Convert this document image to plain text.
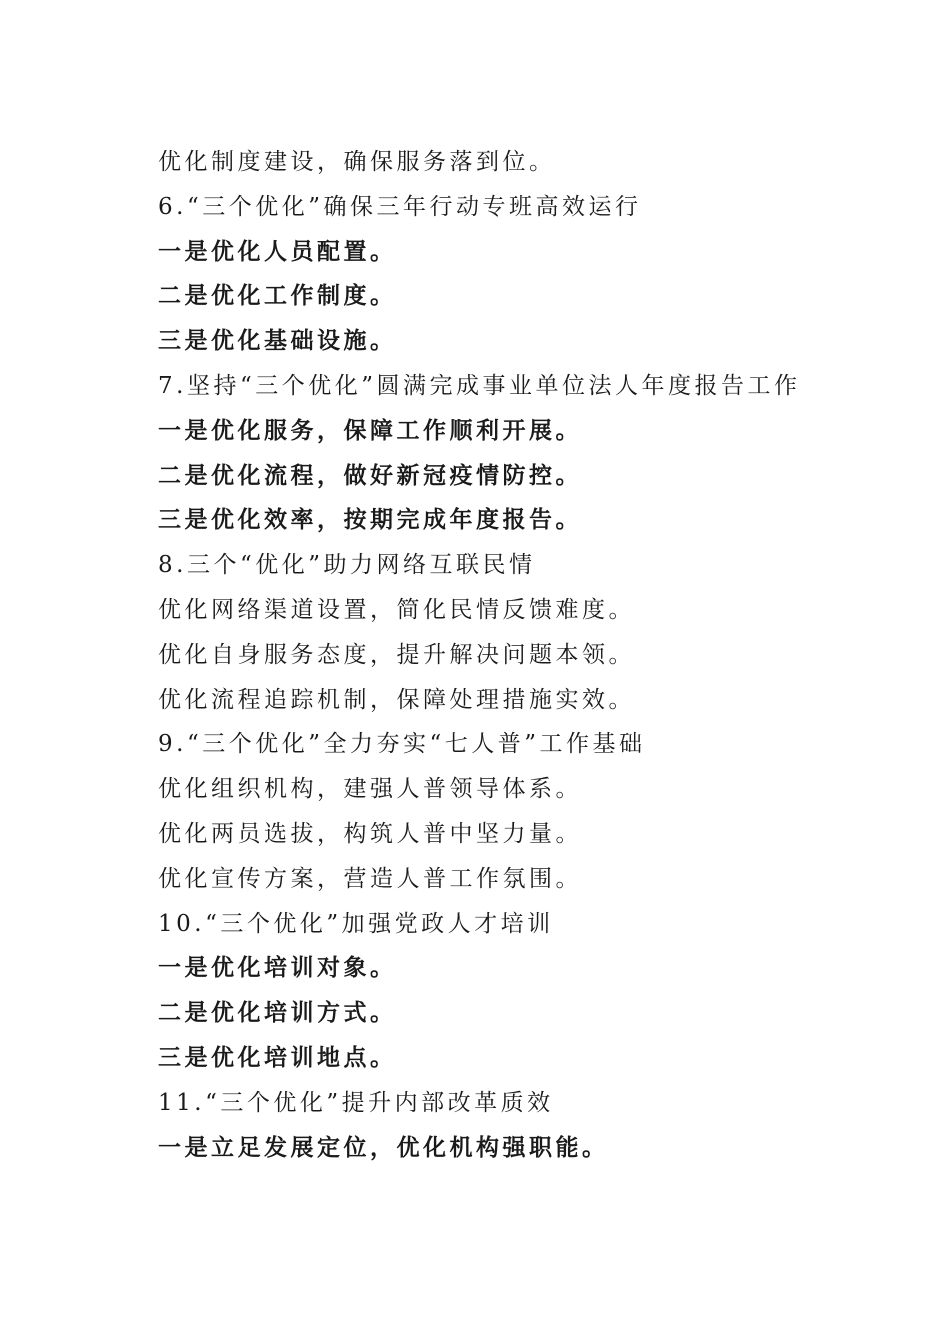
优化制度建设，确保服务落到位。
6.“三个优化”确保三年行动专班高效运行
一是优化人员配置。
二是优化工作制度。
三是优化基础设施。
7.坚持“三个优化”圆满完成事业单位法人年度报告工作
一是优化服务，保障工作顺利开展。
二是优化流程，做好新冠疫情防控。
三是优化效率，按期完成年度报告。
8.三个“优化”助力网络互联民情
优化网络渠道设置，简化民情反馈难度。
优化自身服务态度，提升解决问题本领。
优化流程追踪机制，保障处理措施实效。
9.“三个优化”全力夯实“七人普”工作基础
优化组织机构，建强人普领导体系。
优化两员选拔，构筑人普中坚力量。
优化宣传方案，营造人普工作氛围。
10.“三个优化”加强党政人才培训
一是优化培训对象。
二是优化培训方式。
三是优化培训地点。
11.“三个优化”提升内部改革质效
一是立足发展定位，优化机构强职能。
